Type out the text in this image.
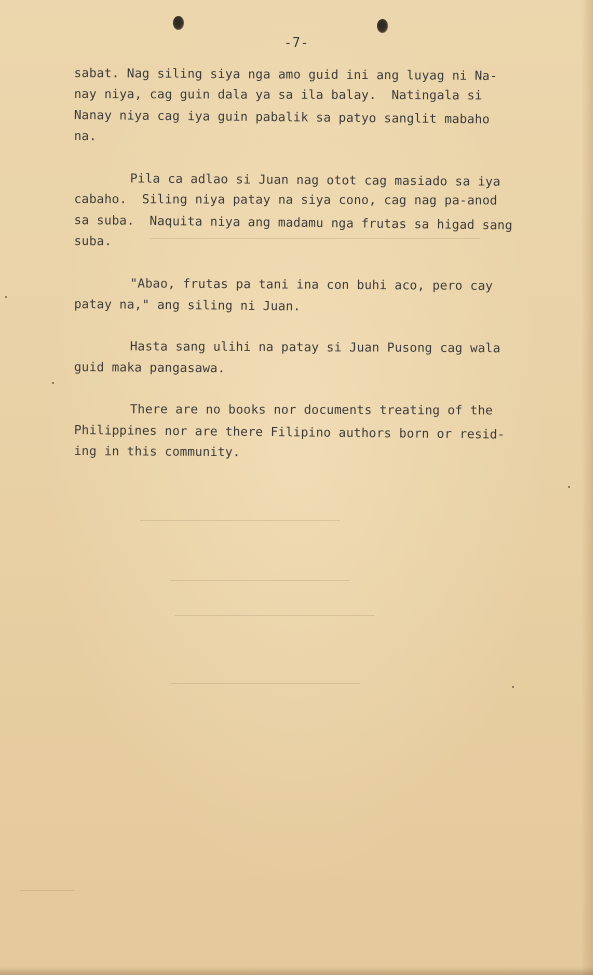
-7-
sabat. Nag siling siya nga amo guid ini ang luyag ni Na-
nay niya, cag guin dala ya sa ila balay.  Natingala si
Nanay niya cag iya guin pabalik sa patyo sanglit mabaho
na.
Pila ca adlao si Juan nag otot cag masiado sa iya
cabaho.  Siling niya patay na siya cono, cag nag pa-anod
sa suba.  Naquita niya ang madamu nga frutas sa higad sang
suba.
"Abao, frutas pa tani ina con buhi aco, pero cay
patay na," ang siling ni Juan.
Hasta sang ulihi na patay si Juan Pusong cag wala
guid maka pangasawa.
There are no books nor documents treating of the
Philippines nor are there Filipino authors born or resid-
ing in this community.
